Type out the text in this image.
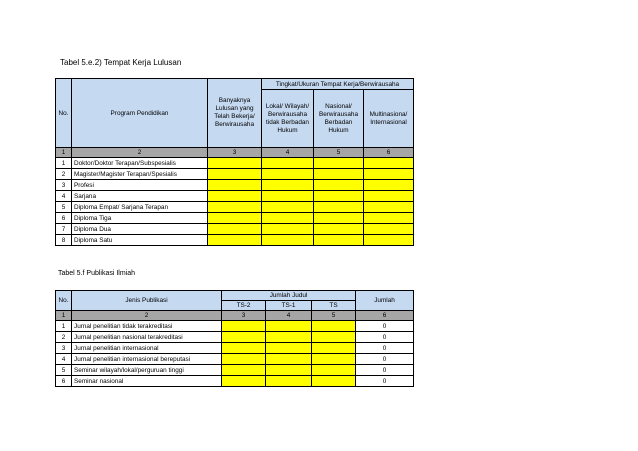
Tabel 5.e.2) Tempat Kerja Lulusan
No.	Program Pendidikan	Banyaknya Lulusan yang Telah Bekerja/ Berwirausaha	Tingkat/Ukuran Tempat Kerja/Berwirausaha		
			Lokal/ Wilayah/ Berwirausaha tidak Berbadan Hukum	Nasional/ Berwirausaha Berbadan Hukum	Multinasiona/ Internasional
1	2	3	4	5	6
1	Doktor/Doktor Terapan/Subspesialis				
2	Magister/Magister Terapan/Spesialis				
3	Profesi				
4	Sarjana				
5	Diploma Empat/ Sarjana Terapan				
6	Diploma Tiga				
7	Diploma Dua				
8	Diploma Satu				
Tabel 5.f Publikasi Ilmiah
No.	Jenis Publikasi	Jumlah Judul			Jumlah
		TS-2	TS-1	TS	
1	2	3	4	5	6
1	Jurnal penelitian tidak terakreditasi				0
2	Jurnal penelitian nasional terakreditasi				0
3	Jurnal penelitian internasional				0
4	Jurnal penelitian internasional bereputasi				0
5	Seminar wilayah/lokal/perguruan tinggi				0
6	Seminar nasional				0
